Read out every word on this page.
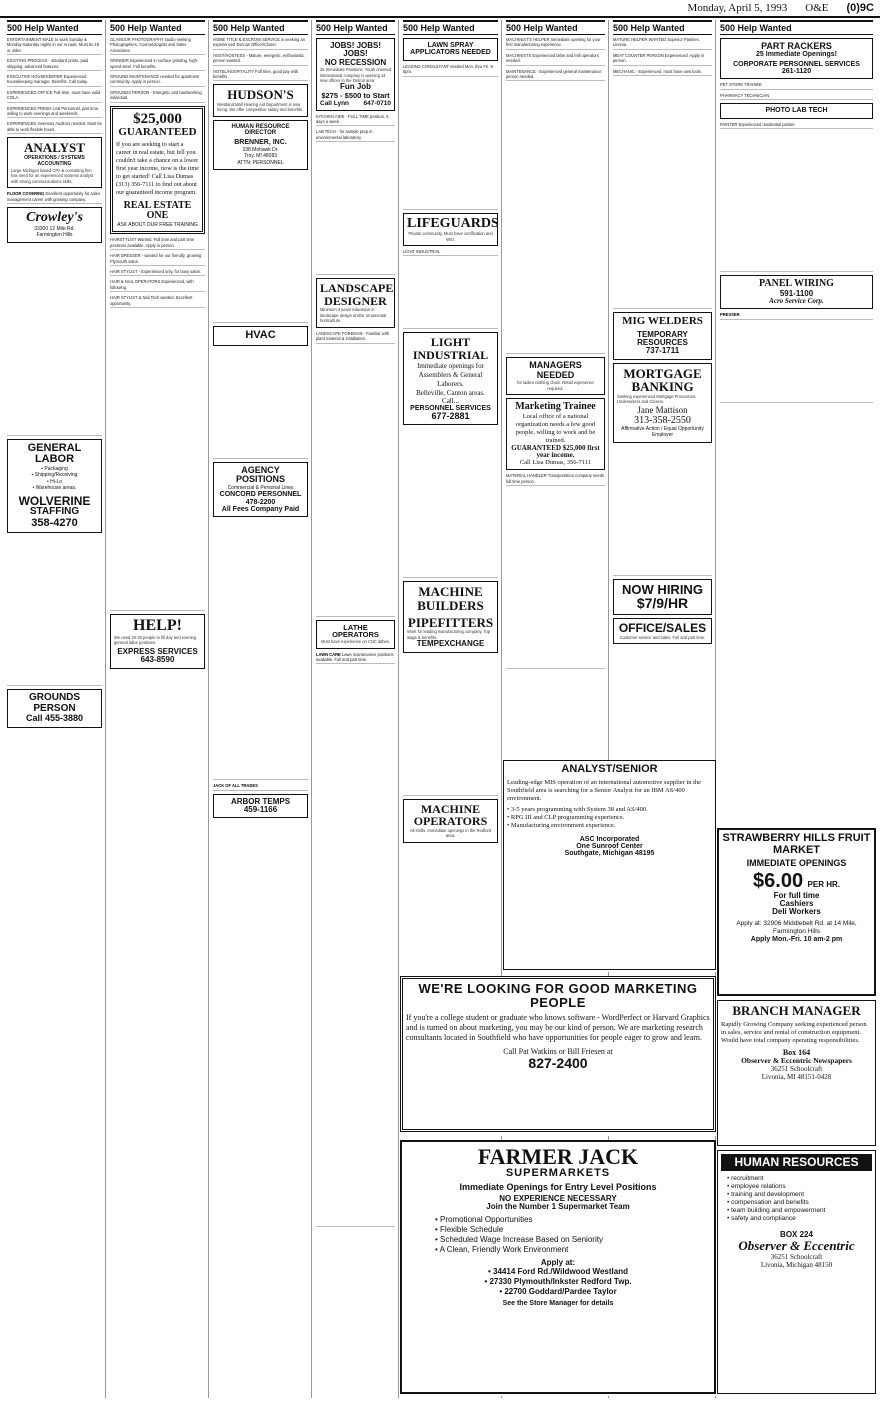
Monday, April 5, 1993 O&E (0)9C
500 Help Wanted
ENTERTAINMENT MALE to work Sunday & Monday-Saturday nights in our Arcade. Must be 18 or older.
EXCITING PROCESS - standard prints, paid shipping, advanced features.
EXECUTIVE HOUSEKEEPER Experienced housekeeping manager. Benefits. Call today.
EXPERIENCED OFFICE Full-time, must have valid COLA.
EXPERIENCED FRESH LAB Personnel, part time, willing to work evenings and weekends.
EXPERIENCED Inventory Auditors needed. Must be able to work flexible hours.
ANALYST
OPERATIONS / SYSTEMS ACCOUNTING
Large Michigan based CPA & consulting firm has need for an experienced systems analyst with strong communications skills.
FLOOR COVERING Excellent opportunity for sales management career with growing company.
Crowley's
33300 12 Mile Rd.
Farmington Hills
GENERAL
LABOR
• Packaging
• Shipping/Receiving
• Hi-Lo
• Warehouse areas.
WOLVERINE
STAFFING
358-4270
GROUNDS PERSON
Call 455-3880
500 Help Wanted
GLAMOUR PHOTOGRAPHY studio seeking Photographers, Cosmetologists and Sales Associates.
GRINDER experienced in surface grinding, high-speed steel. Full benefits.
GROUND MAINTENANCE needed for apartment community. Apply in person.
GROUNDS PERSON - Energetic and hardworking individual.
$25,000
GUARANTEED
If you are seeking to start a career in real estate, but fell you couldn't take a chance on a lower first year income, now is the time to get started! Call Lisa Dumas (313) 356-7111 to find out about our guaranteed income program.
REAL ESTATE ONE
ASK ABOUT OUR FREE TRAINING
HAIRSTYLIST Wanted. Full time and part time positions available. Apply in person.
HAIR DRESSER - wanted for our friendly, growing Plymouth salon.
HAIR STYLIST - Experienced only, for busy salon.
HAIR & NAIL OPERATORS Experienced, with following.
HAIR STYLIST & Nail Tech wanted. Excellent opportunity.
HELP!
We need 20-25 people to fill day and evening general labor positions.
EXPRESS SERVICES
643-8590
500 Help Wanted
HOME TITLE & ESCROW SERVICE is seeking an experienced Escrow Officer/Closer.
HOST/HOSTESS - Mature, energetic, enthusiastic person wanted.
HOTEL/HOSPITALITY Full time, good pay with benefits.
HUDSON'S
Westland Mall Hearing Aid Department is now hiring. We offer competitive salary and benefits.
HUMAN RESOURCE DIRECTOR
BRENNER, INC.
338 Mohawk Dr.
Troy, MI 48083
ATTN: PERSONNEL
HVAC
AGENCY POSITIONS
Commercial & Personal Lines
CONCORD PERSONNEL
478-2200
All Fees Company Paid
JACK OF ALL TRADES
ARBOR TEMPS
459-1166
500 Help Wanted
JOBS! JOBS! JOBS!
NO RECESSION
25 Immediate Positions. Youth oriented international company is opening 14 new offices in the Detroit area.
Fun Job
$275 - $500 to Start
Call Lynn 647-0710
KITCHEN AIDE - FULL TIME position, 5 days a week.
LAB TECH - for sample prep in environmental laboratory.
LANDSCAPE DESIGNER
Minimum 3 years education in landscape design and/or ornamental horticulture.
LANDSCAPE FOREMAN - Familiar with plant material & installation.
LATHE OPERATORS
Must have experience on CNC lathes.
LAWN CARE Lawn maintenance positions available. Full and part time.
500 Help Wanted
LAWN SPRAY APPLICATORS NEEDED
LEASING CONSULTANT needed Mon. thru Fri. 9-5pm.
LIFEGUARDS
Private community, Must have certification and WSI.
LIGHT INDUSTRIAL
LIGHT INDUSTRIAL
Immediate openings for Assemblers & General Laborers.
Belleville, Canton areas. Call...
PERSONNEL SERVICES
677-2881
MACHINE BUILDERS
PIPEFITTERS
Work for leading manufacturing company. Top wage & benefits.
TEMPEXCHANGE
MACHINE OPERATORS
All shifts. Immediate openings in the Redford area.
500 Help Wanted
MACHINIST'S HELPER Immediate opening for your first manufacturing experience.
MACHINISTS Experienced lathe and mill operators needed.
MAINTENANCE - Experienced general maintenance person needed.
MANAGERS NEEDED
for ladies clothing chain. Retail experience required.
Marketing Trainee
Local office of a national organization needs a few good people, willing to work and be trained.
GUARANTEED $25,000 first year income.
Call Lisa Dumas, 356-7111
MATERIAL HANDLER Transportation company needs full time person.
500 Help Wanted
MATURE HELPER WANTED Superior Pastries, Livonia.
MEAT COUNTER PERSON Experienced. Apply in person.
MECHANIC - Experienced, must have own tools.
MIG WELDERS
TEMPORARY RESOURCES
737-1711
MORTGAGE BANKING
Seeking experienced Mortgage Processors, Underwriters and Closers.
Jane Mattison
313-358-2550
Affirmative Action / Equal Opportunity Employer
NOW HIRING
$7/9/HR
OFFICE/SALES
Customer service and sales. Full and part time.
500 Help Wanted
PART RACKERS
25 Immediate Openings!
CORPORATE PERSONNEL SERVICES
261-1120
PET STORE TRAINEE
PHARMACY TECHNICIAN
PHOTO LAB TECH
PAINTER Experienced residential painter.
PANEL WIRING
591-1100
Acro Service Corp.
PRESSER
WE'RE LOOKING FOR GOOD MARKETING PEOPLE
If you're a college student or graduate who knows software - WordPerfect or Harvard Graphics and is turned on about marketing, you may be our kind of person. We are marketing research consultants located in Southfield who have opportunities for people eager to grow and learn.
Call Pat Watkins or Bill Friesen at
827-2400
FARMER JACK
SUPERMARKETS
Immediate Openings for Entry Level Positions
NO EXPERIENCE NECESSARY
Join the Number 1 Supermarket Team
• Promotional Opportunities
• Flexible Schedule
• Scheduled Wage Increase Based on Seniority
• A Clean, Friendly Work Environment
Apply at:
• 34414 Ford Rd./Wildwood Westland
• 27330 Plymouth/Inkster Redford Twp.
• 22700 Goddard/Pardee Taylor
See the Store Manager for details
ANALYST/SENIOR
Leading-edge MIS operation of an international automotive supplier in the Southfield area is searching for a Senior Analyst for an IBM AS/400 environment.
• 3-5 years programming with System 38 and AS/400.
• RPG III and CLP programming experience.
• Manufacturing environment experience.
ASC Incorporated
One Sunroof Center
Southgate, Michigan 48195
STRAWBERRY HILLS FRUIT MARKET
IMMEDIATE OPENINGS
$6.00 PER HR.
For full time
Cashiers
Deli Workers
Apply at: 32906 Middlebelt Rd. at 14 Mile, Farmington Hills
Apply Mon.-Fri. 10 am-2 pm
BRANCH MANAGER
Rapidly Growing Company seeking experienced person in sales, service and rental of construction equipment. Would have total company operating responsibilities.
Box 164
Observer & Eccentric Newspapers
36251 Schoolcraft
Livonia, MI 48151-0428
HUMAN RESOURCES
• recruitment
• employee relations
• training and development
• compensation and benefits
• team building and empowerment
• safety and compliance
BOX 224
Observer & Eccentric
36251 Schoolcraft
Livonia, Michigan 48150
